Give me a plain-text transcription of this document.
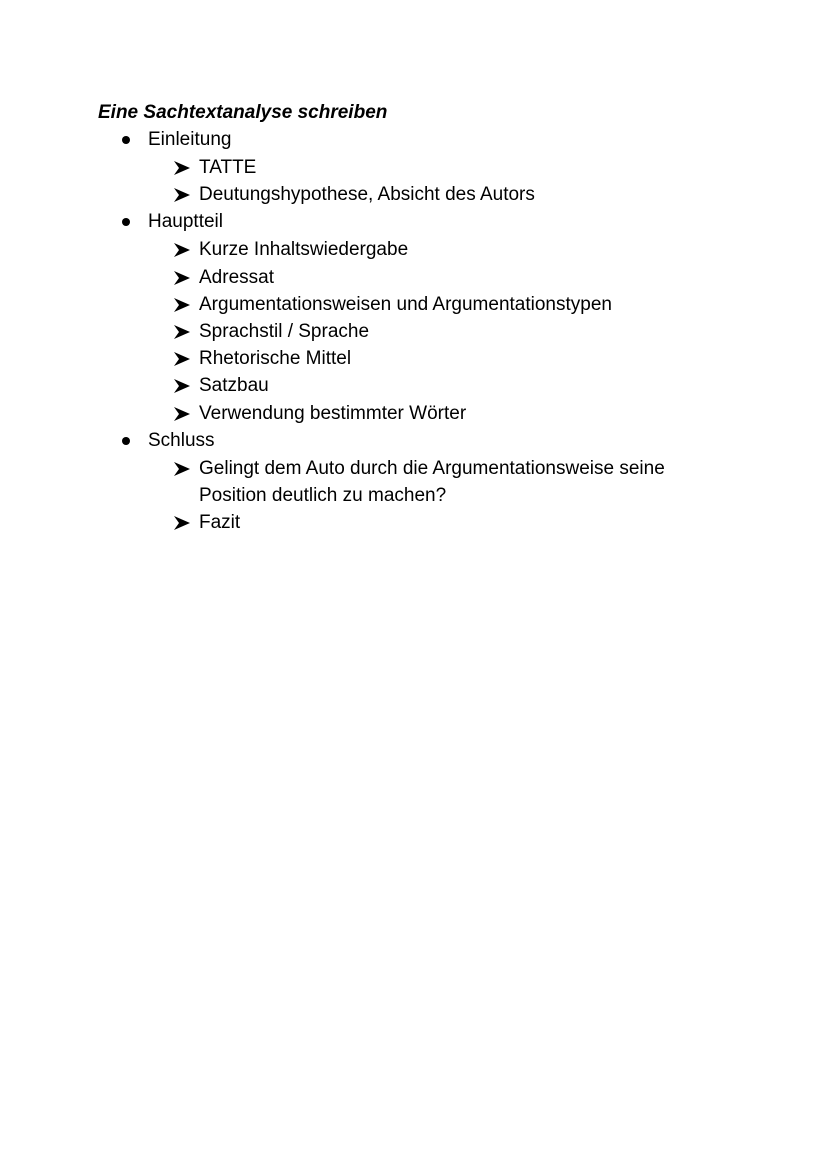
Eine Sachtextanalyse schreiben
Einleitung
TATTE
Deutungshypothese, Absicht des Autors
Hauptteil
Kurze Inhaltswiedergabe
Adressat
Argumentationsweisen und Argumentationstypen
Sprachstil / Sprache
Rhetorische Mittel
Satzbau
Verwendung bestimmter Wörter
Schluss
Gelingt dem Auto durch die Argumentationsweise seine Position deutlich zu machen?
Fazit
